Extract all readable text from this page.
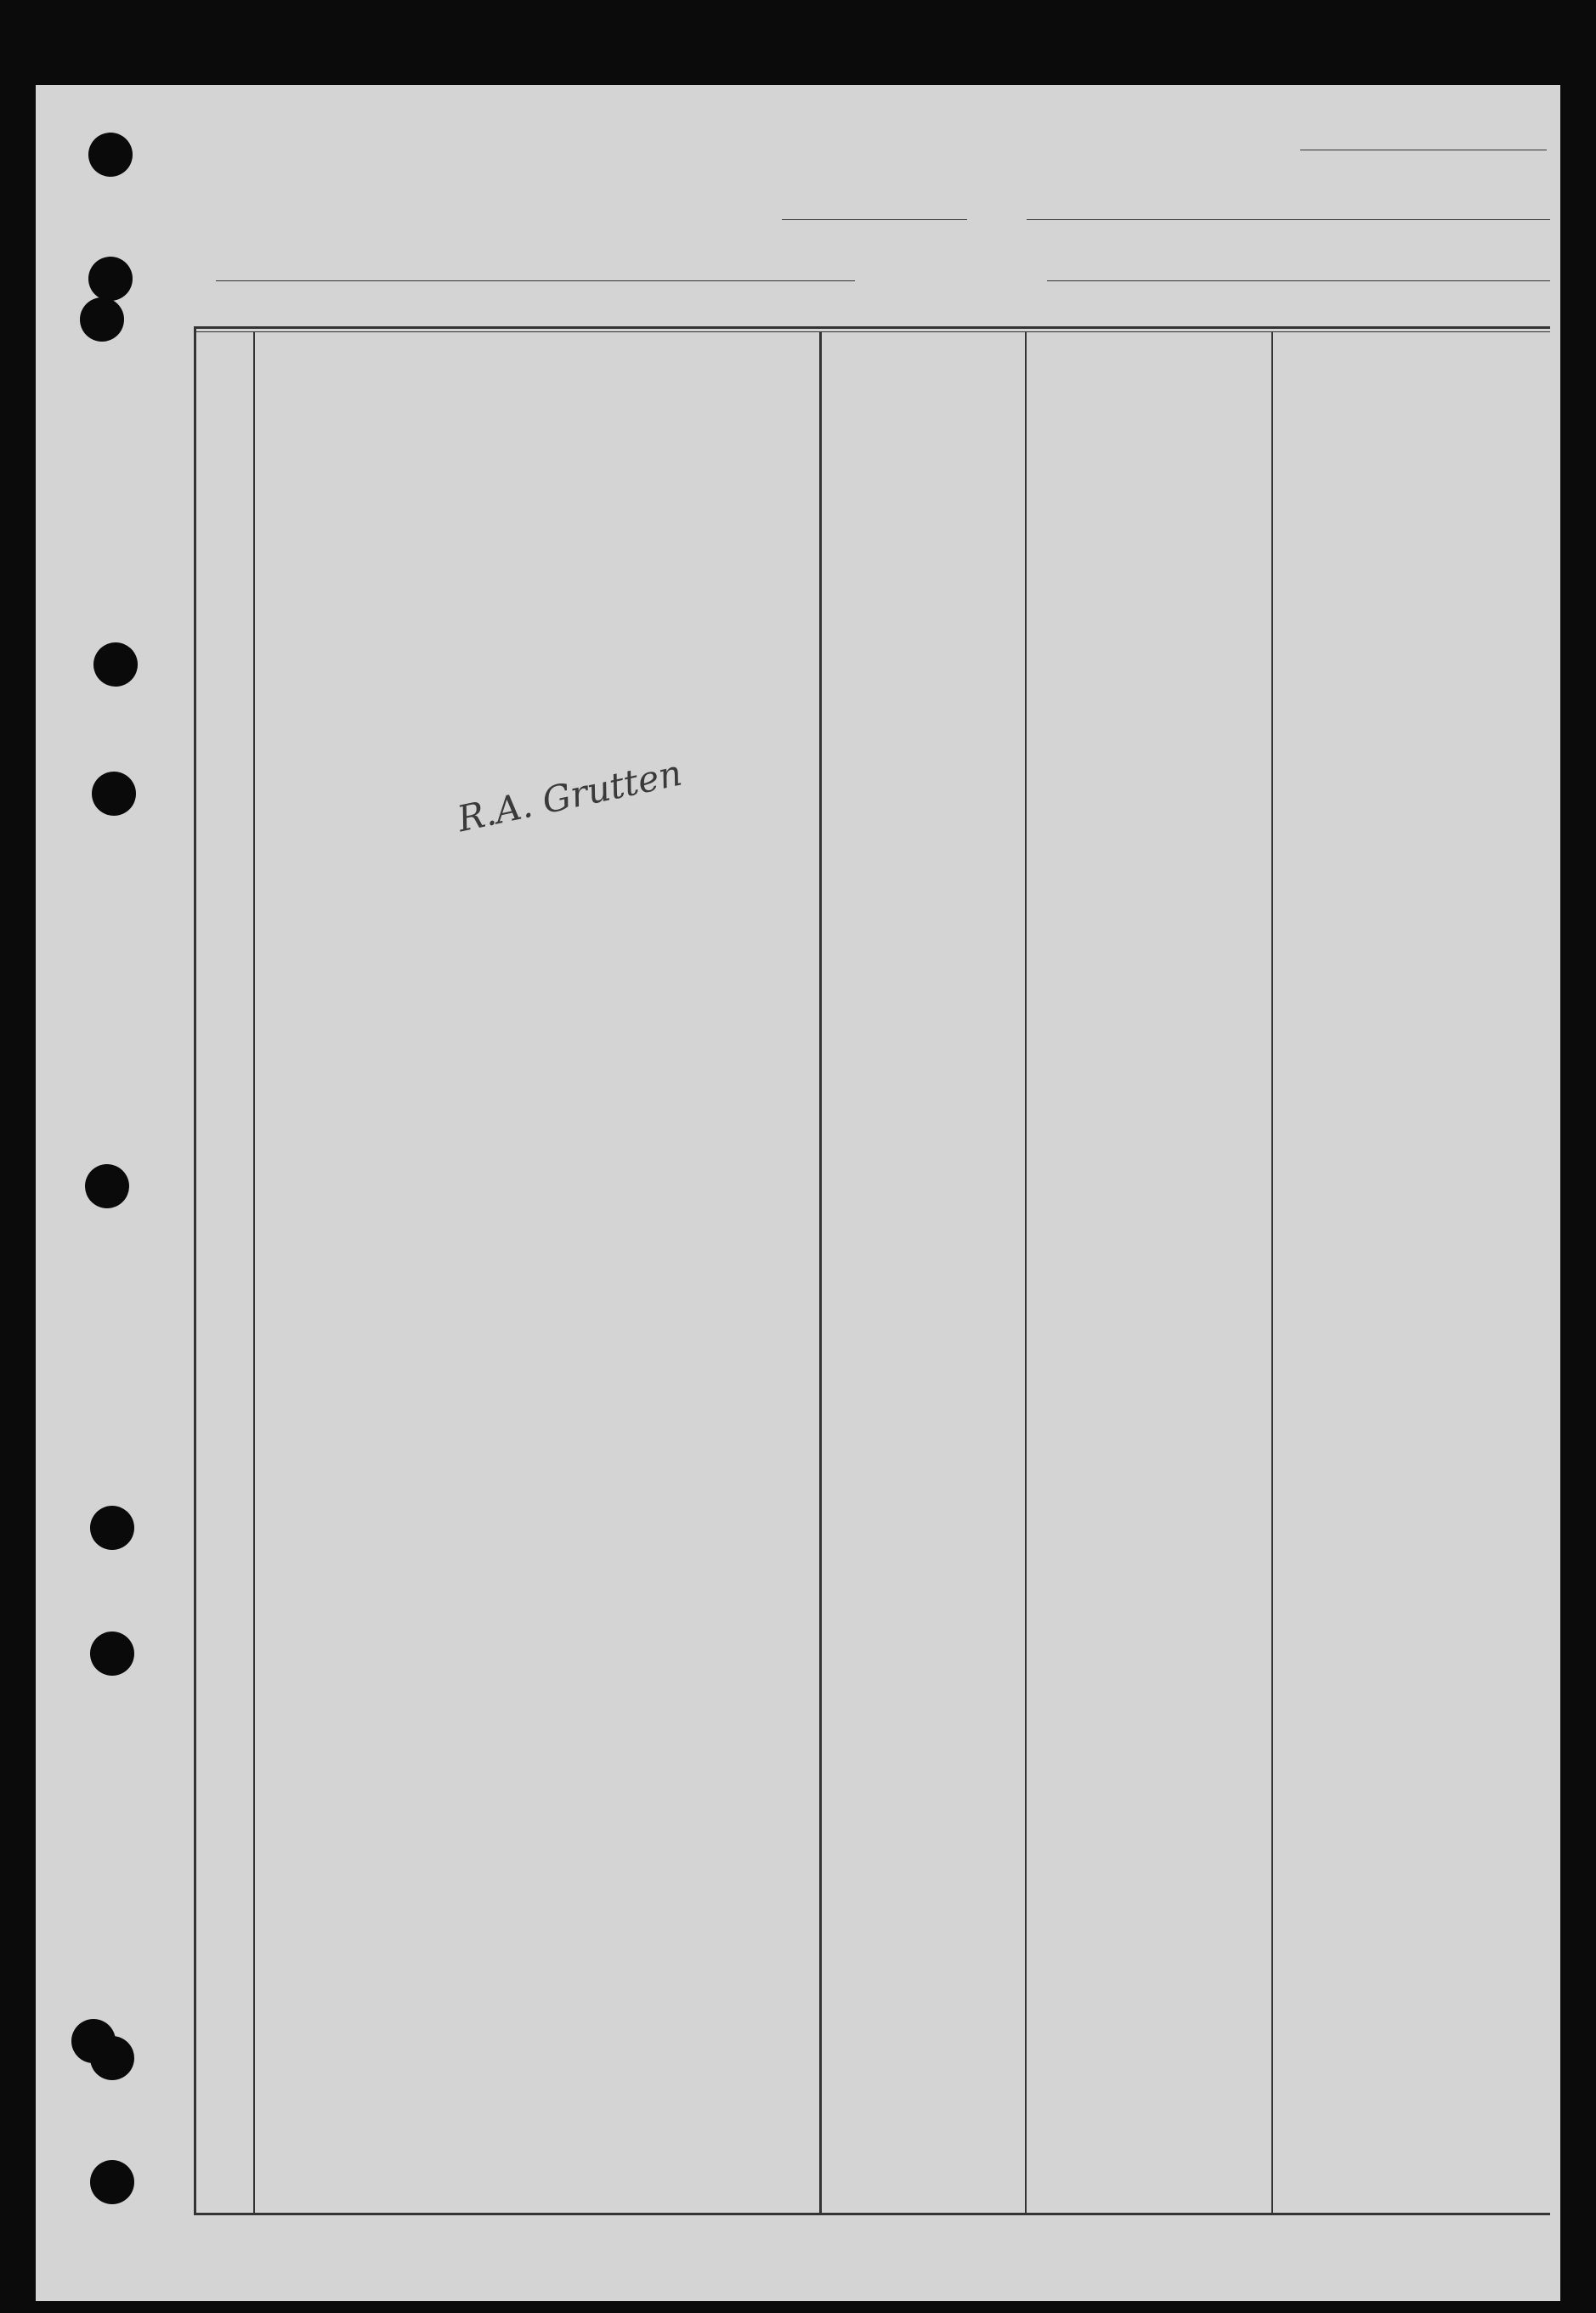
R.A. Grutten
